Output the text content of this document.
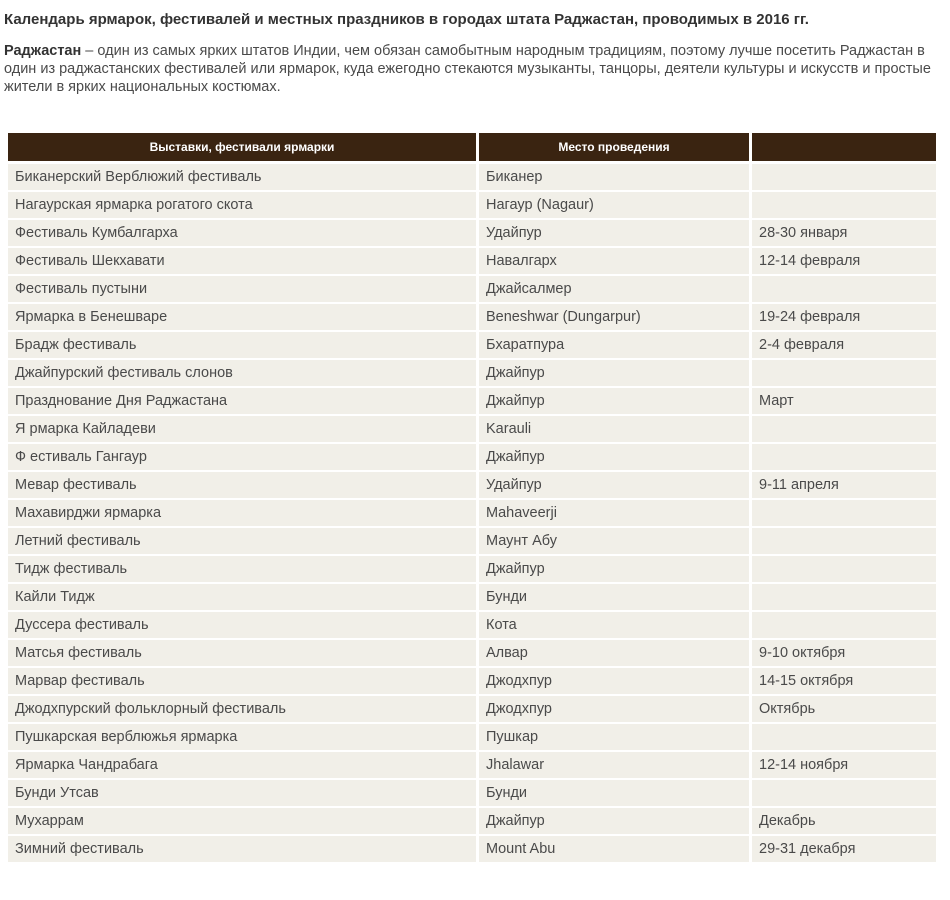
Календарь ярмарок, фестивалей и местных праздников в городах штата Раджастан, проводимых в 2016 гг.
Раджастан – один из самых ярких штатов Индии, чем обязан самобытным народным традициям, поэтому лучше посетить Раджастан в один из раджастанских фестивалей или ярмарок, куда ежегодно стекаются музыканты, танцоры, деятели культуры и искусств и простые жители в ярких национальных костюмах.
Выставки, фестивали ярмарки	Место проведения	
Биканерский Верблюжий фестиваль	Биканер	
Нагаурская ярмарка рогатого скота	Нагаур (Nagaur)	
Фестиваль Кумбалгарха	Удайпур	28-30 января
Фестиваль Шекхавати	Навалгарх	12-14 февраля
Фестиваль пустыни	Джайсалмер	
Ярмарка в Бенешваре	Beneshwar (Dungarpur)	19-24 февраля
Брадж фестиваль	Бхаратпура	2-4 февраля
Джайпурский фестиваль слонов	Джайпур	
Празднование Дня Раджастана	Джайпур	Март
Я рмарка Кайладеви	Karauli	
Ф естиваль Гангаур	Джайпур	
Мевар фестиваль	Удайпур	9-11 апреля
Махавирджи ярмарка	Mahaveerji	
Летний фестиваль	Маунт Абу	
Тидж фестиваль	Джайпур	
Кайли Тидж	Бунди	
Дуссера фестиваль	Кота	
Матсья фестиваль	Алвар	9-10 октября
Марвар фестиваль	Джодхпур	14-15 октября
Джодхпурский фольклорный фестиваль	Джодхпур	Октябрь
Пушкарская верблюжья ярмарка	Пушкар	
Ярмарка Чандрабага	Jhalawar	12-14 ноября
Бунди Утсав	Бунди	
Мухаррам	Джайпур	Декабрь
Зимний фестиваль	Mount Abu	29-31 декабря
